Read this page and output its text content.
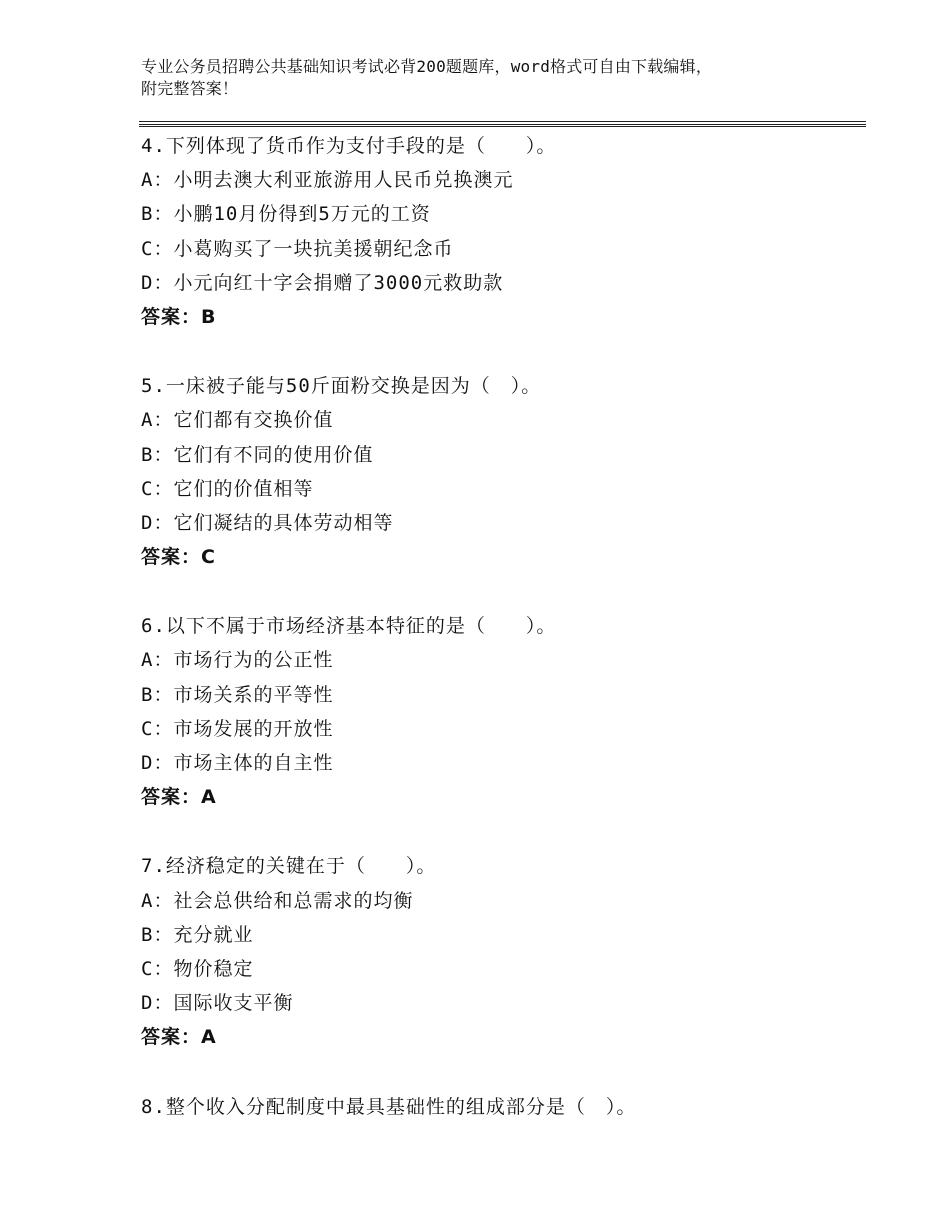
专业公务员招聘公共基础知识考试必背200题题库，word格式可自由下载编辑，
附完整答案！
4.下列体现了货币作为支付手段的是（　　）。
A：小明去澳大利亚旅游用人民币兑换澳元
B：小鹏10月份得到5万元的工资
C：小葛购买了一块抗美援朝纪念币
D：小元向红十字会捐赠了3000元救助款
答案：B
5.一床被子能与50斤面粉交换是因为（　）。
A：它们都有交换价值
B：它们有不同的使用价值
C：它们的价值相等
D：它们凝结的具体劳动相等
答案：C
6.以下不属于市场经济基本特征的是（　　）。
A：市场行为的公正性
B：市场关系的平等性
C：市场发展的开放性
D：市场主体的自主性
答案：A
7.经济稳定的关键在于（　　）。
A：社会总供给和总需求的均衡
B：充分就业
C：物价稳定
D：国际收支平衡
答案：A
8.整个收入分配制度中最具基础性的组成部分是（　）。
